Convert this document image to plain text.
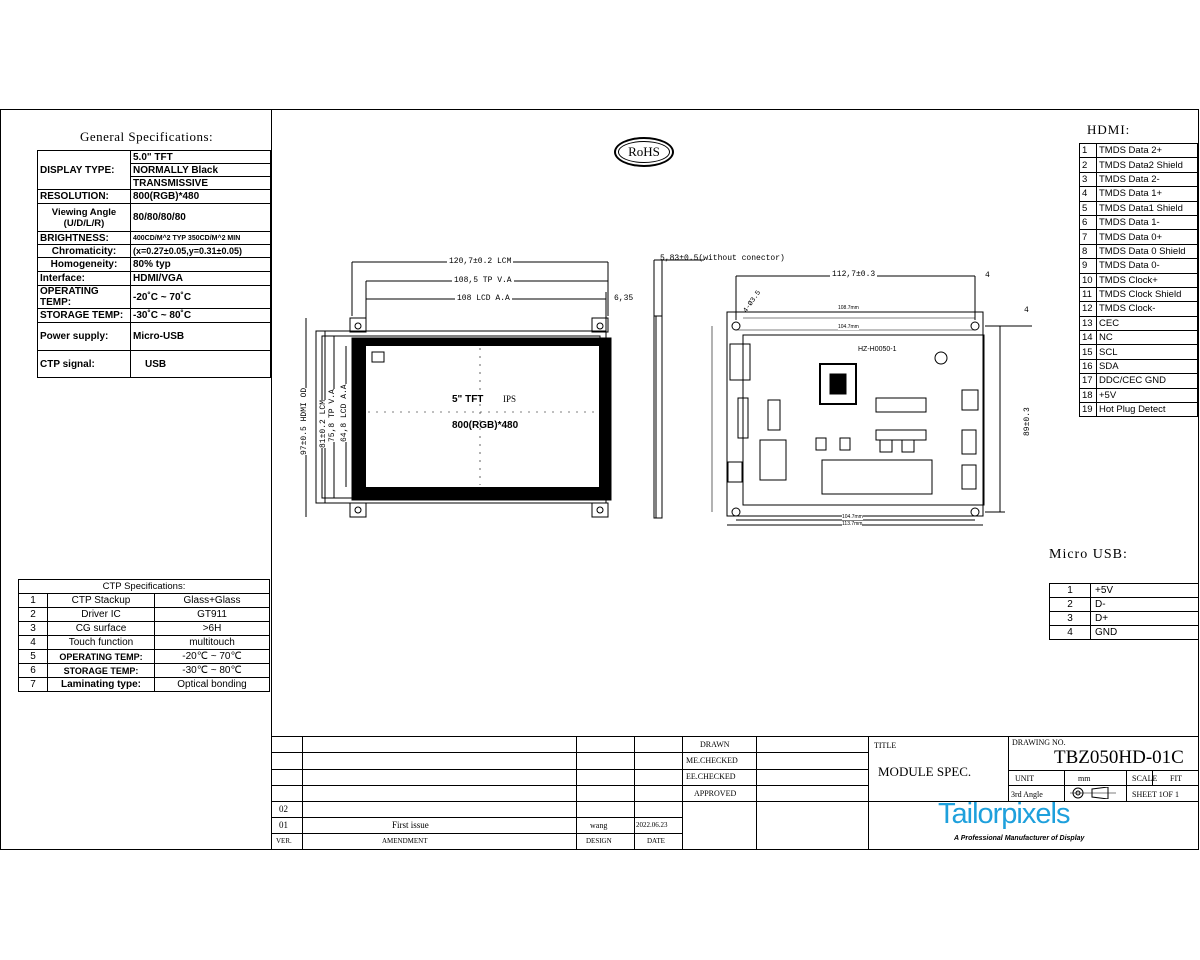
General Specifications:
DISPLAY TYPE:	5.0" TFT
	NORMALLY Black
	TRANSMISSIVE
RESOLUTION:	800(RGB)*480
Viewing Angle (U/D/L/R)	80/80/80/80
BRIGHTNESS:	400CD/M^2 TYP 350CD/M^2 MIN
Chromaticity:	(x=0.27±0.05,y=0.31±0.05)
Homogeneity:	80% typ
Interface:	HDMI/VGA
OPERATING TEMP:	-20˚C ~ 70˚C
STORAGE TEMP:	-30˚C ~ 80˚C
Power supply:	Micro-USB
CTP signal:	USB
CTP Specifications:		
1	CTP Stackup	Glass+Glass
2	Driver IC	GT911
3	CG surface	>6H
4	Touch function	multitouch
5	OPERATING TEMP:	-20℃ ~ 70℃
6	STORAGE TEMP:	-30℃ ~ 80℃
7	Laminating type:	Optical bonding
RoHS
120,7±0.2 LCM
108,5 TP V.A
108 LCD A.A	6,35
97±0.5 HDMI OD 81±0.2 LCM 75,8 TP V.A 64,8 LCD A.A	5" TFT IPS
800(RGB)*480
5,83±0.5(without conector)
112,7±0.3	4
4
89±0.3
4-Ø3.5
HZ-H0050-1
108.7mm
104.7mm
104.7mm
113.7mm
HDMI:
1	TMDS Data 2+
2	TMDS Data2 Shield
3	TMDS Data 2-
4	TMDS Data 1+
5	TMDS Data1 Shield
6	TMDS Data 1-
7	TMDS Data 0+
8	TMDS Data 0 Shield
9	TMDS Data 0-
10	TMDS Clock+
11	TMDS Clock Shield
12	TMDS Clock-
13	CEC
14	NC
15	SCL
16	SDA
17	DDC/CEC GND
18	+5V
19	Hot Plug Detect
Micro USB:
1	+5V
2	D-
3	D+
4	GND
DRAWN
ME.CHECKED
EE.CHECKED
APPROVED
TITLE
MODULE SPEC.
DRAWING NO.
TBZ050HD-01C
UNIT	mm	SCALE FIT
3rd Angle	SHEET 1OF 1
02
01	First issue	wang	2022.06.23
VER.	AMENDMENT	DESIGN	DATE
Tailorpixels
A Professional Manufacturer of Display
